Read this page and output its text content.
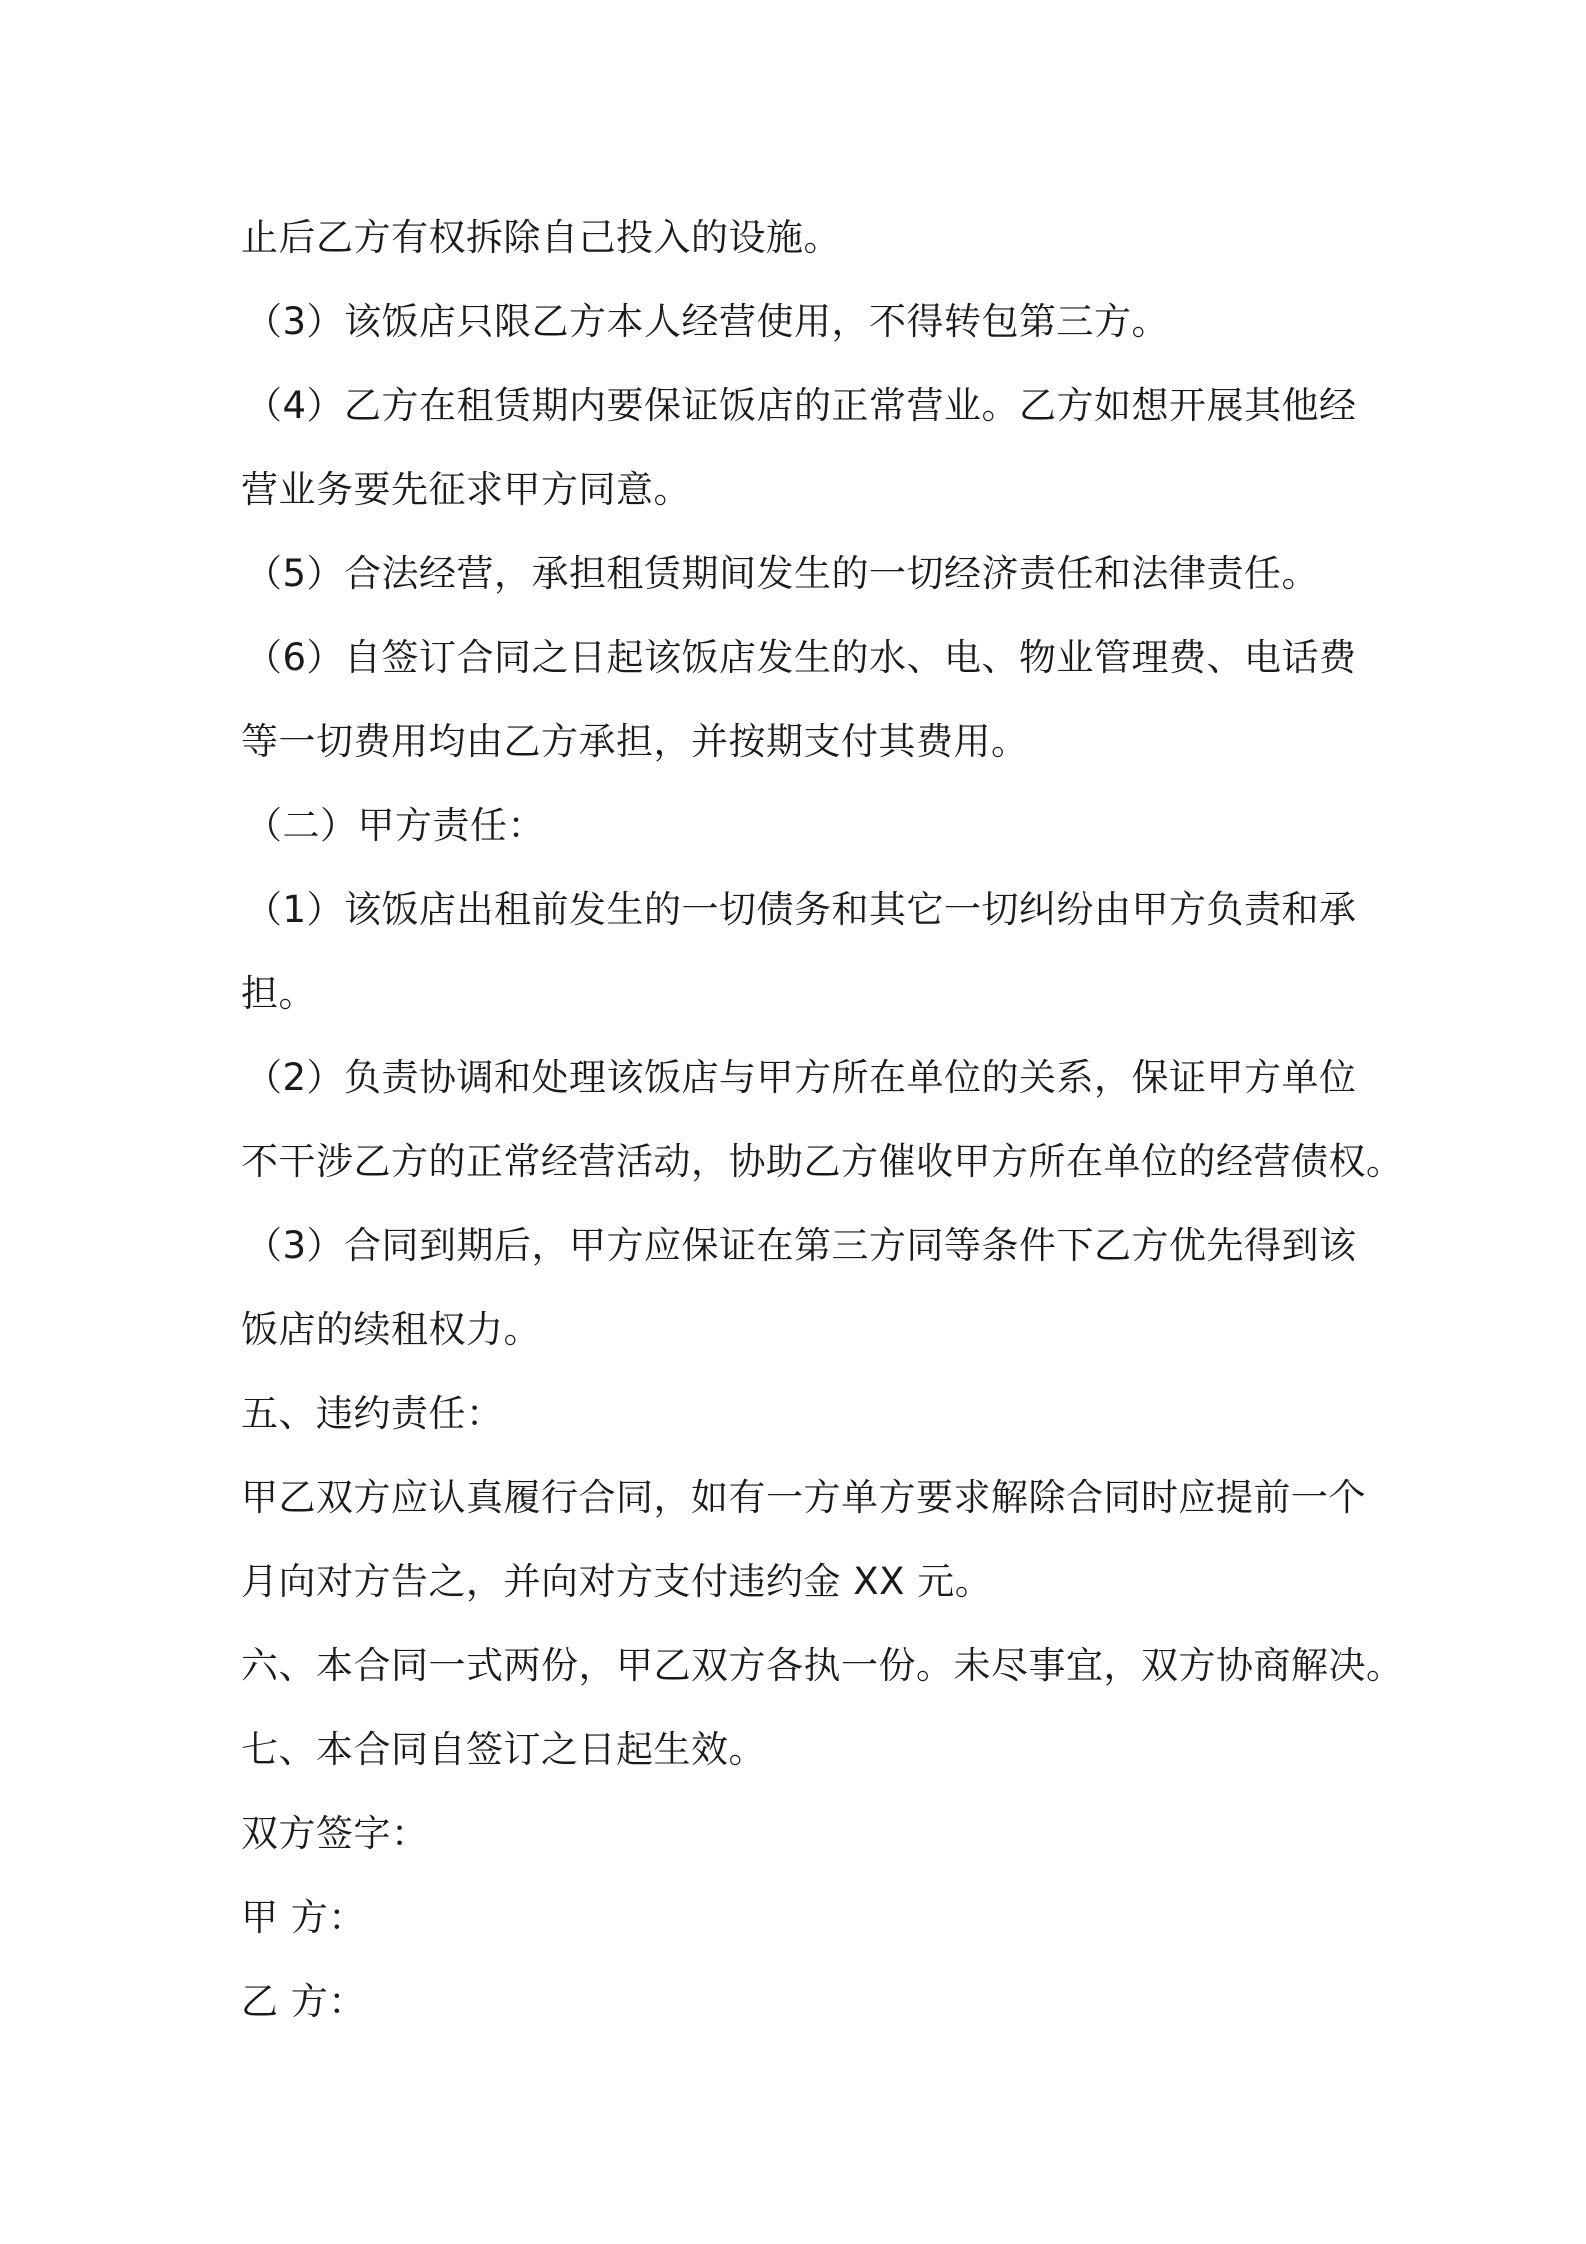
止后乙方有权拆除自己投入的设施。
（3）该饭店只限乙方本人经营使用，不得转包第三方。
（4）乙方在租赁期内要保证饭店的正常营业。乙方如想开展其他经
营业务要先征求甲方同意。
（5）合法经营，承担租赁期间发生的一切经济责任和法律责任。
（6）自签订合同之日起该饭店发生的水、电、物业管理费、电话费
等一切费用均由乙方承担，并按期支付其费用。
（二）甲方责任：
（1）该饭店出租前发生的一切债务和其它一切纠纷由甲方负责和承
担。
（2）负责协调和处理该饭店与甲方所在单位的关系，保证甲方单位
不干涉乙方的正常经营活动，协助乙方催收甲方所在单位的经营债权。
（3）合同到期后，甲方应保证在第三方同等条件下乙方优先得到该
饭店的续租权力。
五、违约责任：
甲乙双方应认真履行合同，如有一方单方要求解除合同时应提前一个
月向对方告之，并向对方支付违约金 XX 元。
六、本合同一式两份，甲乙双方各执一份。未尽事宜，双方协商解决。
七、本合同自签订之日起生效。
双方签字：
甲 方：
乙 方：
